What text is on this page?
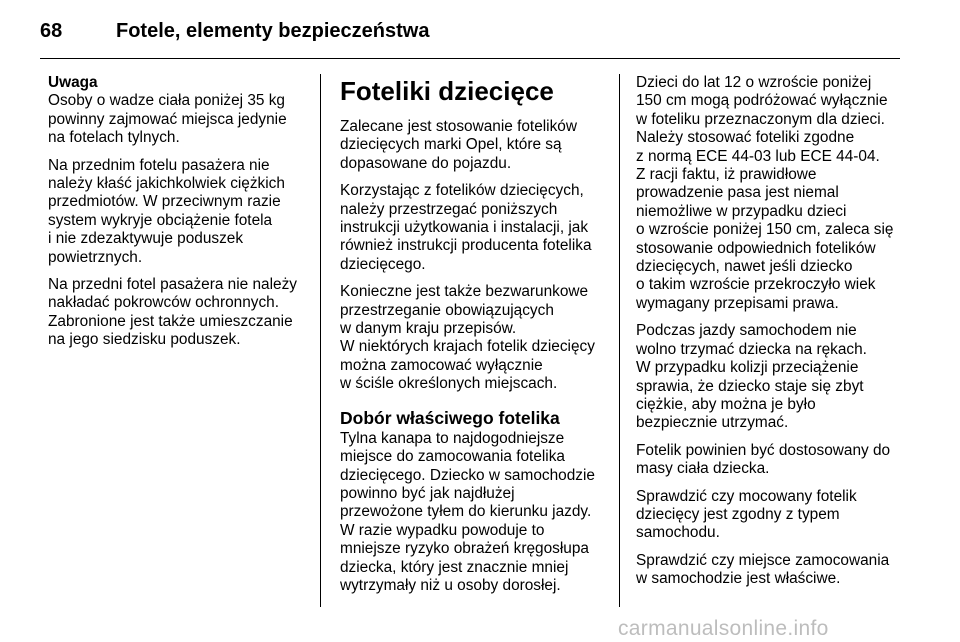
68	Fotele, elementy bezpieczeństwa
Uwaga
Osoby o wadze ciała poniżej 35 kg
powinny zajmować miejsca jedynie
na fotelach tylnych.
Na przednim fotelu pasażera nie
należy kłaść jakichkolwiek ciężkich
przedmiotów. W przeciwnym razie
system wykryje obciążenie fotela
i nie zdezaktywuje poduszek
powietrznych.
Na przedni fotel pasażera nie należy
nakładać pokrowców ochronnych.
Zabronione jest także umieszczanie
na jego siedzisku poduszek.
Foteliki dziecięce
Zalecane jest stosowanie fotelików
dziecięcych marki Opel, które są
dopasowane do pojazdu.
Korzystając z fotelików dziecięcych,
należy przestrzegać poniższych
instrukcji użytkowania i instalacji, jak
również instrukcji producenta fotelika
dziecięcego.
Konieczne jest także bezwarunkowe
przestrzeganie obowiązujących
w danym kraju przepisów.
W niektórych krajach fotelik dziecięcy
można zamocować wyłącznie
w ściśle określonych miejscach.
Dobór właściwego fotelika
Tylna kanapa to najdogodniejsze
miejsce do zamocowania fotelika
dziecięcego. Dziecko w samochodzie
powinno być jak najdłużej
przewożone tyłem do kierunku jazdy.
W razie wypadku powoduje to
mniejsze ryzyko obrażeń kręgosłupa
dziecka, który jest znacznie mniej
wytrzymały niż u osoby dorosłej.
Dzieci do lat 12 o wzroście poniżej
150 cm mogą podróżować wyłącznie
w foteliku przeznaczonym dla dzieci.
Należy stosować foteliki zgodne
z normą ECE 44-03 lub ECE 44-04.
Z racji faktu, iż prawidłowe
prowadzenie pasa jest niemal
niemożliwe w przypadku dzieci
o wzroście poniżej 150 cm, zaleca się
stosowanie odpowiednich fotelików
dziecięcych, nawet jeśli dziecko
o takim wzroście przekroczyło wiek
wymagany przepisami prawa.
Podczas jazdy samochodem nie
wolno trzymać dziecka na rękach.
W przypadku kolizji przeciążenie
sprawia, że dziecko staje się zbyt
ciężkie, aby można je było
bezpiecznie utrzymać.
Fotelik powinien być dostosowany do
masy ciała dziecka.
Sprawdzić czy mocowany fotelik
dziecięcy jest zgodny z typem
samochodu.
Sprawdzić czy miejsce zamocowania
w samochodzie jest właściwe.
carmanualsonline.info
